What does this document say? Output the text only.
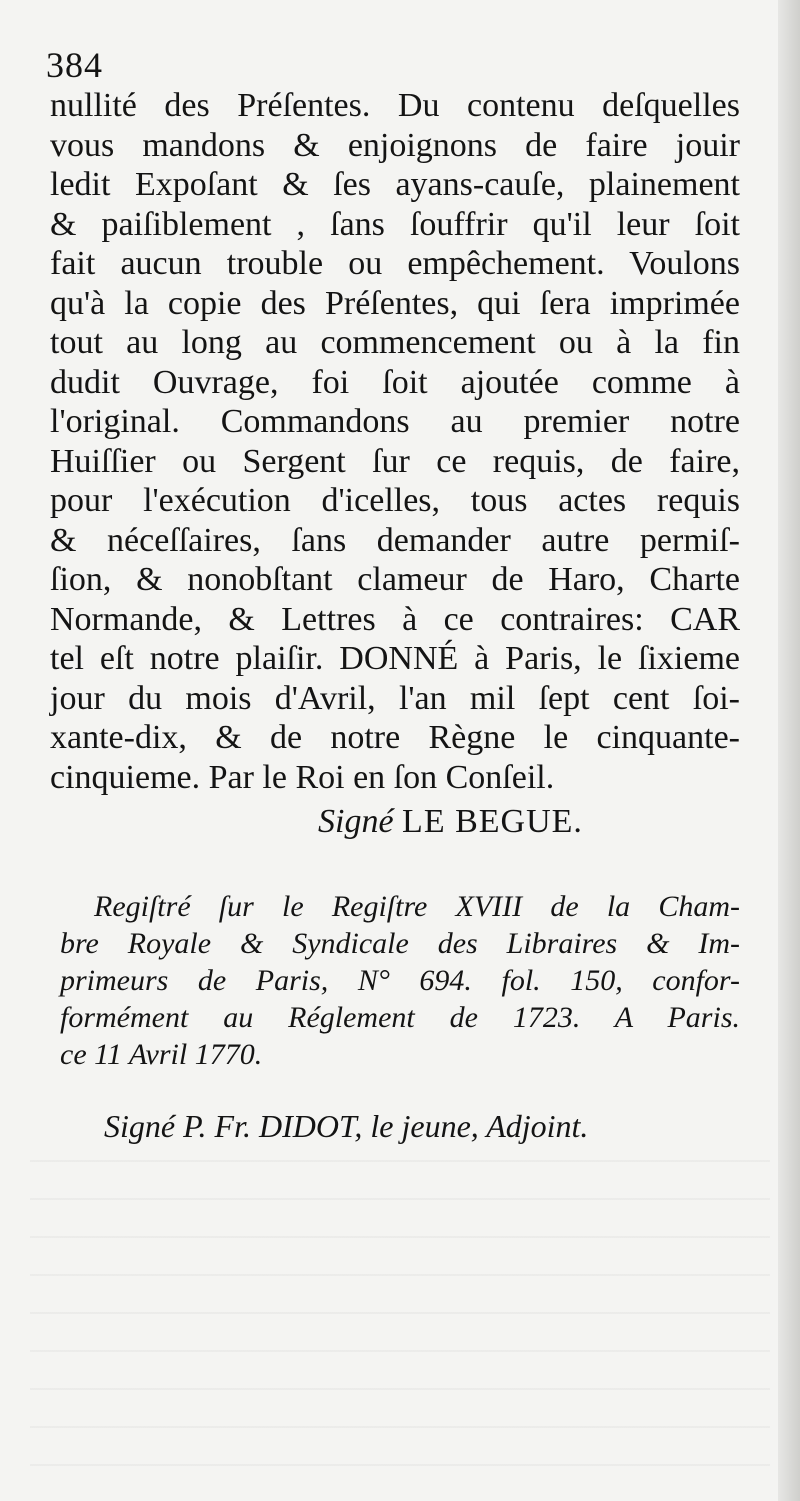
384
nullité des Préſentes. Du contenu deſquelles
vous mandons & enjoignons de faire jouir
ledit Expoſant & ſes ayans-cauſe, plainement
& paiſiblement , ſans ſouffrir qu'il leur ſoit
fait aucun trouble ou empêchement. Voulons
qu'à la copie des Préſentes, qui ſera imprimée
tout au long au commencement ou à la fin
dudit Ouvrage, foi ſoit ajoutée comme à
l'original. Commandons au premier notre
Huiſſier ou Sergent ſur ce requis, de faire,
pour l'exécution d'icelles, tous actes requis
& néceſſaires, ſans demander autre permiſ-
ſion, & nonobſtant clameur de Haro, Charte
Normande, & Lettres à ce contraires: CAR
tel eſt notre plaiſir. DONNÉ à Paris, le ſixieme
jour du mois d'Avril, l'an mil ſept cent ſoi-
xante-dix, & de notre Règne le cinquante-
cinquieme. Par le Roi en ſon Conſeil.
Signé LE BEGUE.
Regiſtré ſur le Regiſtre XVIII de la Cham-
bre Royale & Syndicale des Libraires & Im-
primeurs de Paris, N° 694. fol. 150, confor-
formément au Réglement de 1723. A Paris.
ce 11 Avril 1770.
Signé P. Fr. DIDOT, le jeune, Adjoint.
